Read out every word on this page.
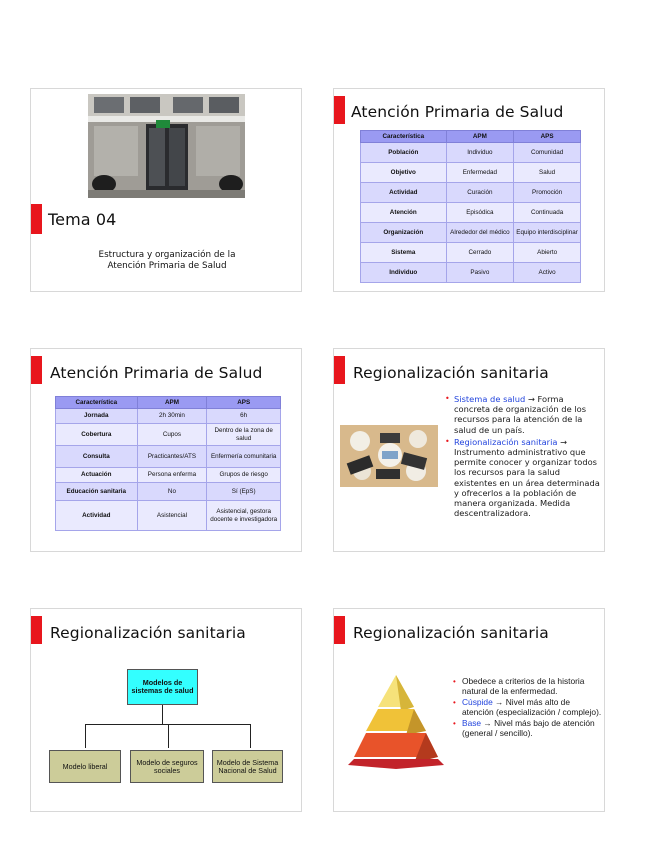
Tema 04
Estructura y organización de la
Atención Primaria de Salud
Atención Primaria de Salud
Característica	APM	APS
Población	Individuo	Comunidad
Objetivo	Enfermedad	Salud
Actividad	Curación	Promoción
Atención	Episódica	Continuada
Organización	Alrededor del médico	Equipo interdisciplinar
Sistema	Cerrado	Abierto
Individuo	Pasivo	Activo
Atención Primaria de Salud
Característica	APM	APS
Jornada	2h 30min	6h
Cobertura	Cupos	Dentro de la zona de salud
Consulta	Practicantes/ATS	Enfermería comunitaria
Actuación	Persona enferma	Grupos de riesgo
Educación sanitaria	No	Sí (EpS)
Actividad	Asistencial	Asistencial, gestora docente e investigadora
Regionalización sanitaria
• Sistema de salud → Forma concreta de organización de los recursos para la atención de la salud de un país.
• Regionalización sanitaria → Instrumento administrativo que permite conocer y organizar todos los recursos para la salud existentes en un área determinada y ofrecerlos a la población de manera organizada. Medida descentralizadora.
Regionalización sanitaria
Modelos de sistemas de salud
Modelo liberal	Modelo de seguros sociales
Modelo de Sistema Nacional de Salud
Regionalización sanitaria
• Obedece a criterios de la historia natural de la enfermedad.
• Cúspide → Nivel más alto de atención (especialización / complejo).
• Base → Nivel más bajo de atención (general / sencillo).
